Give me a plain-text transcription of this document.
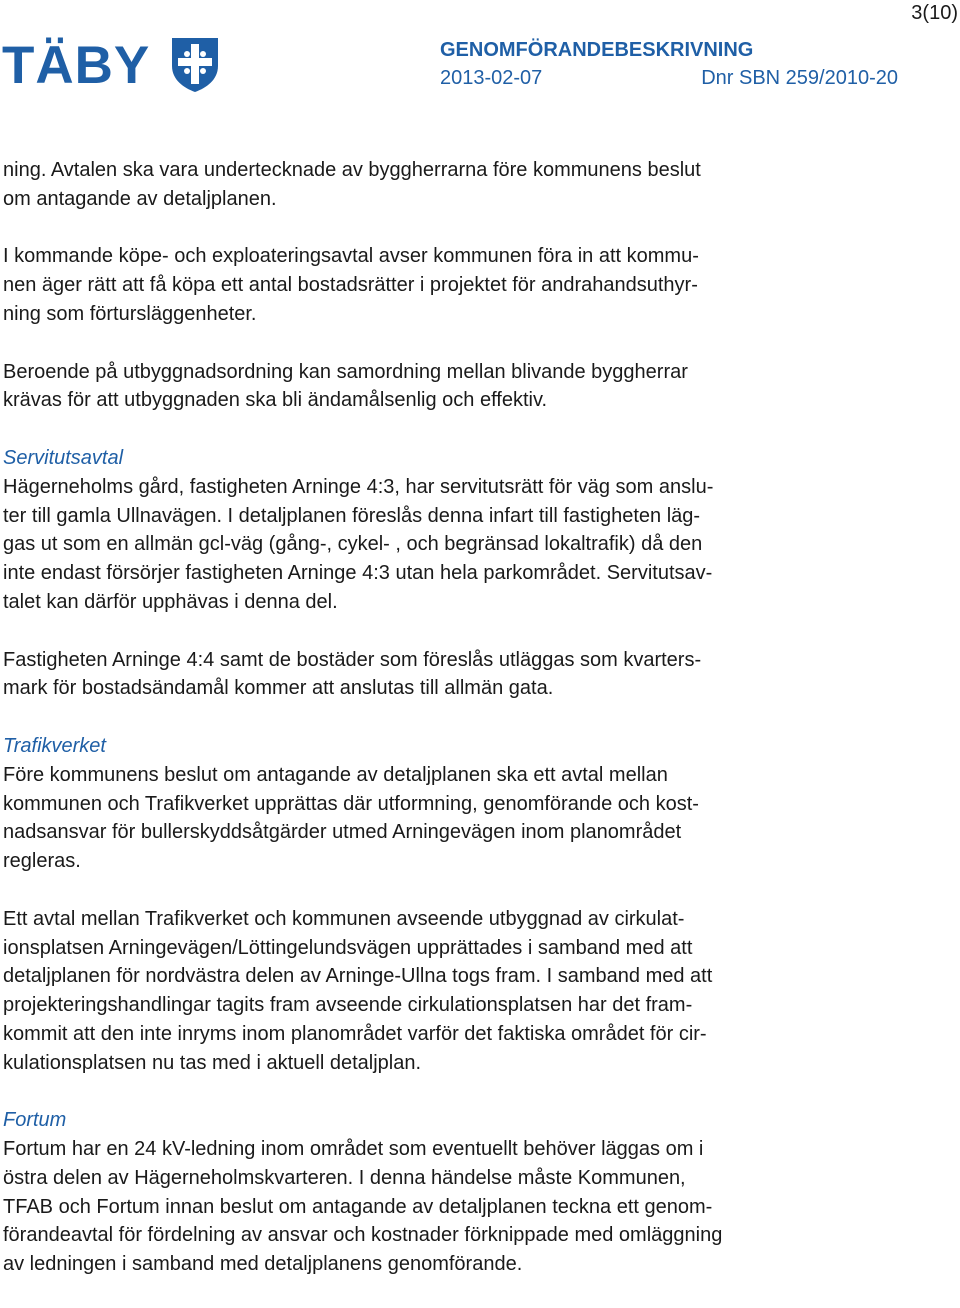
3(10)
TÄBY	GENOMFÖRANDEBESKRIVNING
2013-02-07	Dnr SBN 259/2010-20

ning. Avtalen ska vara undertecknade av byggherrarna före kommunens beslut
om antagande av detaljplanen.

I kommande köpe- och exploateringsavtal avser kommunen föra in att kommu-
nen äger rätt att få köpa ett antal bostadsrätter i projektet för andrahandsuthyr-
ning som förtursläggenheter.

Beroende på utbyggnadsordning kan samordning mellan blivande byggherrar
krävas för att utbyggnaden ska bli ändamålsenlig och effektiv.

Servitutsavtal
Hägerneholms gård, fastigheten Arninge 4:3, har servitutsrätt för väg som anslu-
ter till gamla Ullnavägen. I detaljplanen föreslås denna infart till fastigheten läg-
gas ut som en allmän gcl-väg (gång-, cykel- , och begränsad lokaltrafik) då den
inte endast försörjer fastigheten Arninge 4:3 utan hela parkområdet. Servitutsav-
talet kan därför upphävas i denna del.

Fastigheten Arninge 4:4 samt de bostäder som föreslås utläggas som kvarters-
mark för bostadsändamål kommer att anslutas till allmän gata.

Trafikverket
Före kommunens beslut om antagande av detaljplanen ska ett avtal mellan
kommunen och Trafikverket upprättas där utformning, genomförande och kost-
nadsansvar för bullerskyddsåtgärder utmed Arningevägen inom planområdet
regleras.

Ett avtal mellan Trafikverket och kommunen avseende utbyggnad av cirkulat-
ionsplatsen Arningevägen/Löttingelundsvägen upprättades i samband med att
detaljplanen för nordvästra delen av Arninge-Ullna togs fram. I samband med att
projekteringshandlingar tagits fram avseende cirkulationsplatsen har det fram-
kommit att den inte inryms inom planområdet varför det faktiska området för cir-
kulationsplatsen nu tas med i aktuell detaljplan.

Fortum
Fortum har en 24 kV-ledning inom området som eventuellt behöver läggas om i
östra delen av Hägerneholmskvarteren. I denna händelse måste Kommunen,
TFAB och Fortum innan beslut om antagande av detaljplanen teckna ett genom-
förandeavtal för fördelning av ansvar och kostnader förknippade med omläggning
av ledningen i samband med detaljplanens genomförande.
